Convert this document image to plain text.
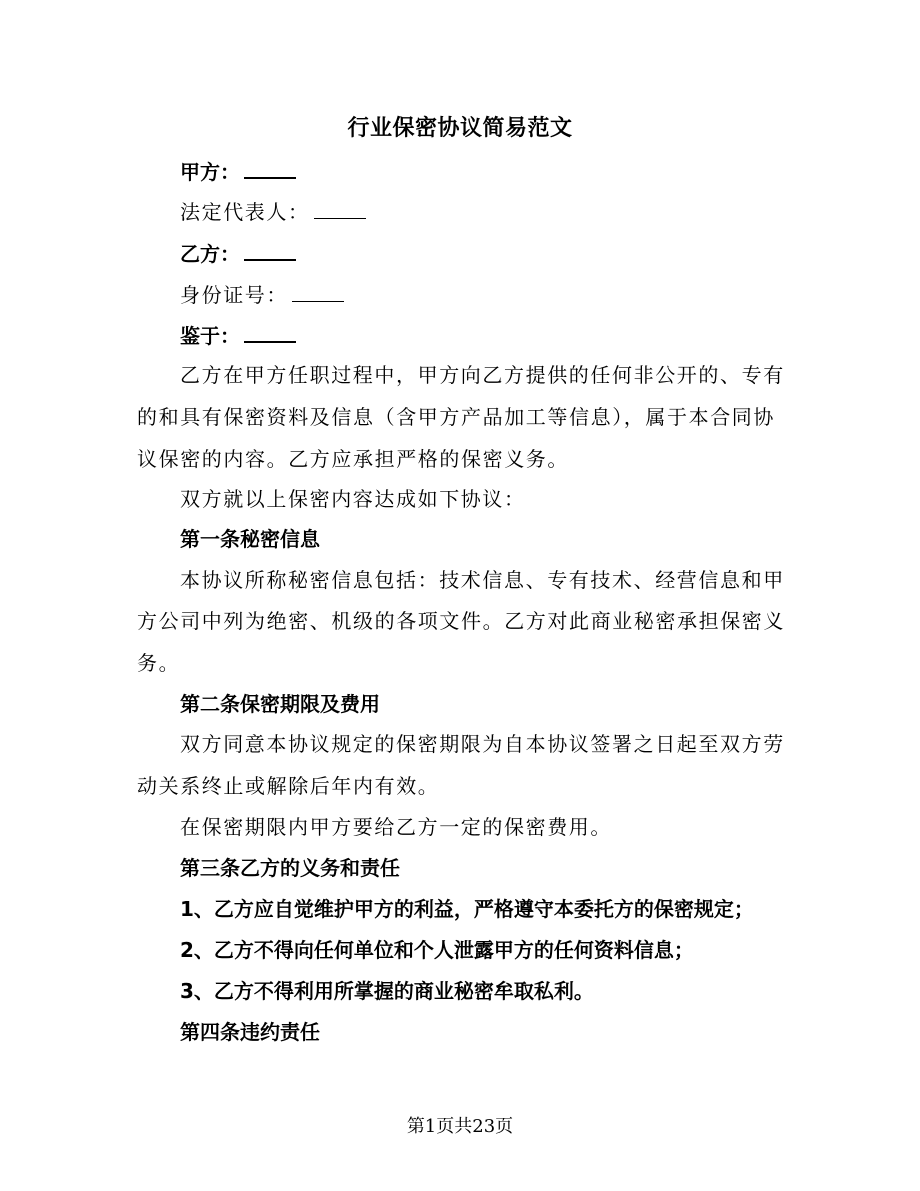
行业保密协议简易范文
甲方：
法定代表人：
乙方：
身份证号：
鉴于：
乙方在甲方任职过程中，甲方向乙方提供的任何非公开的、专有
的和具有保密资料及信息（含甲方产品加工等信息），属于本合同协
议保密的内容。乙方应承担严格的保密义务。
双方就以上保密内容达成如下协议：
第一条秘密信息
本协议所称秘密信息包括：技术信息、专有技术、经营信息和甲
方公司中列为绝密、机级的各项文件。乙方对此商业秘密承担保密义
务。
第二条保密期限及费用
双方同意本协议规定的保密期限为自本协议签署之日起至双方劳
动关系终止或解除后年内有效。
在保密期限内甲方要给乙方一定的保密费用。
第三条乙方的义务和责任
1、乙方应自觉维护甲方的利益，严格遵守本委托方的保密规定；
2、乙方不得向任何单位和个人泄露甲方的任何资料信息；
3、乙方不得利用所掌握的商业秘密牟取私利。
第四条违约责任
第1页共23页
